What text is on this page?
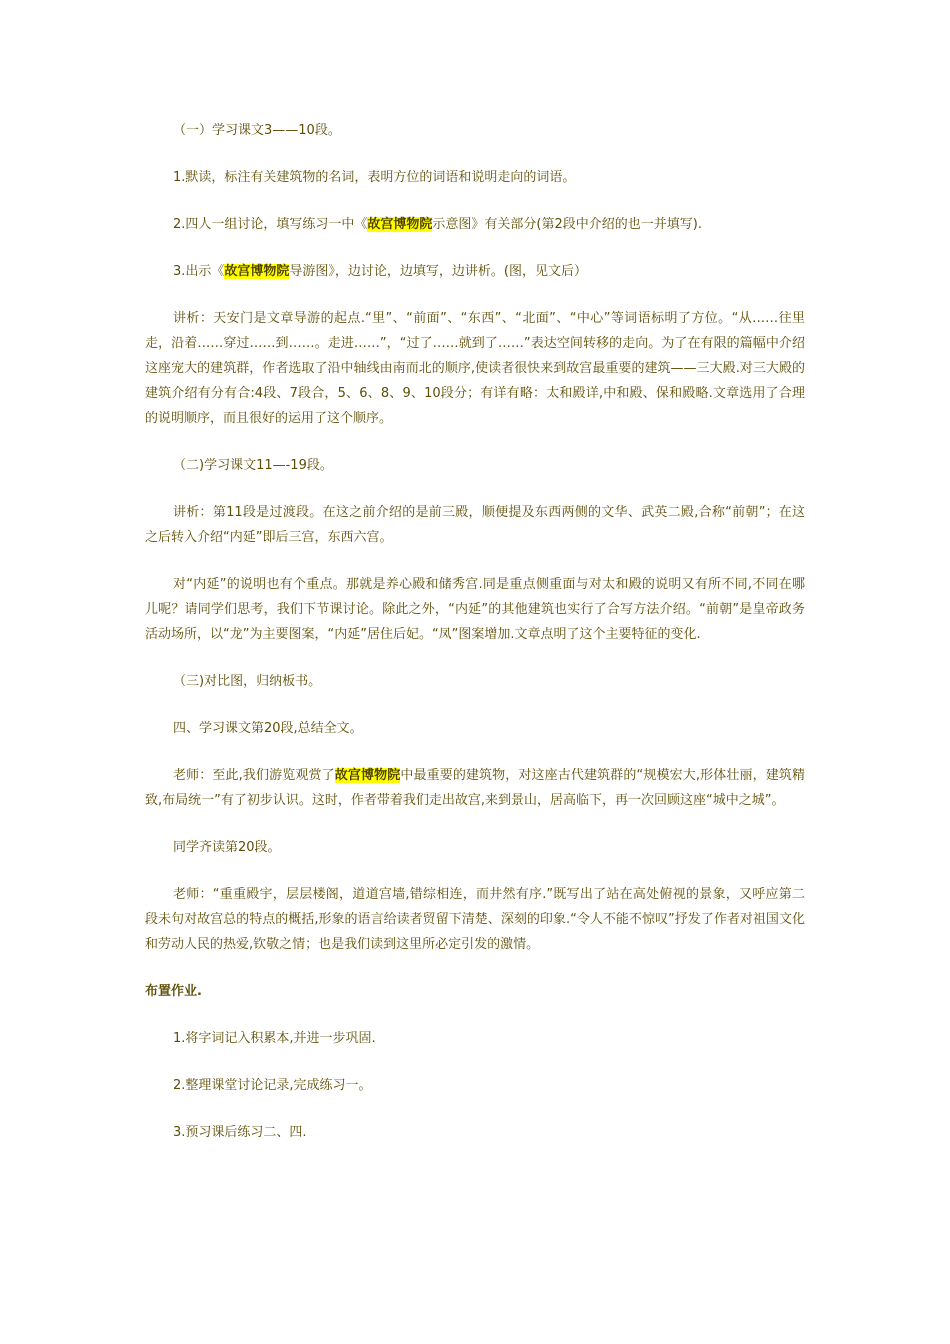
（一）学习课文3——10段。

1.默读，标注有关建筑物的名词，表明方位的词语和说明走向的词语。

2.四人一组讨论，填写练习一中《故宫博物院示意图》有关部分(第2段中介绍的也一并填写).

3.出示《故宫博物院导游图》，边讨论，边填写，边讲析。(图，见文后）

讲析：天安门是文章导游的起点.“里”、“前面”、“东西”、“北面”、“中心”等词语标明了方位。“从……往里走，沿着……穿过……到……。走进……”，“过了……就到了……”表达空间转移的走向。为了在有限的篇幅中介绍这座宠大的建筑群，作者选取了沿中轴线由南而北的顺序,使读者很快来到故宫最重要的建筑——三大殿.对三大殿的建筑介绍有分有合:4段、7段合，5、6、8、9、10段分；有详有略：太和殿详,中和殿、保和殿略.文章选用了合理的说明顺序，而且很好的运用了这个顺序。

（二)学习课文11—-19段。

讲析：第11段是过渡段。在这之前介绍的是前三殿，顺便提及东西两侧的文华、武英二殿,合称“前朝”；在这之后转入介绍“内延”即后三宫，东西六宫。

对“内延”的说明也有个重点。那就是养心殿和储秀宫.同是重点侧重面与对太和殿的说明又有所不同,不同在哪儿呢？请同学们思考，我们下节课讨论。除此之外，“内延”的其他建筑也实行了合写方法介绍。“前朝”是皇帝政务活动场所，以“龙”为主要图案，“内延”居住后妃。“凤”图案增加.文章点明了这个主要特征的变化.

（三)对比图，归纳板书。

四、学习课文第20段,总结全文。

老师：至此,我们游览观赏了故宫博物院中最重要的建筑物，对这座古代建筑群的“规模宏大,形体壮丽，建筑精致,布局统一”有了初步认识。这时，作者带着我们走出故宫,来到景山，居高临下，再一次回顾这座“城中之城”。

同学齐读第20段。

老师：“重重殿宇，层层楼阁，道道宫墙,错综相连，而井然有序.”既写出了站在高处俯视的景象，又呼应第二段未句对故宫总的特点的概括,形象的语言给读者贸留下清楚、深刻的印象.“令人不能不惊叹”抒发了作者对祖国文化和劳动人民的热爱,钦敬之情；也是我们读到这里所必定引发的激情。

布置作业.

1.将字词记入积累本,并进一步巩固.

2.整理课堂讨论记录,完成练习一。

3.预习课后练习二、四.
